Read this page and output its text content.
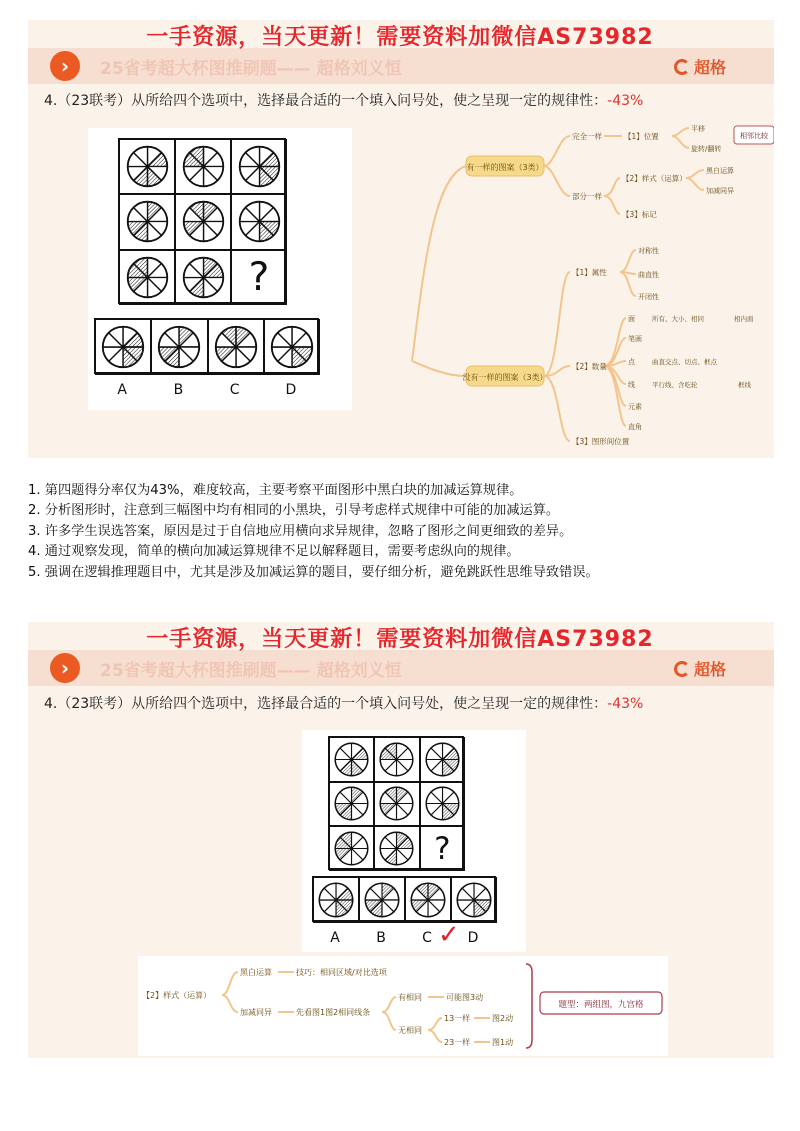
›	25省考超大杯图推刷题—— 超格刘义恒	超格
4.（23联考）从所给四个选项中，选择最合适的一个填入问号处，使之呈现一定的规律性：-43%
?
A	B	C	D
有一样的图案（3类）
完全一样	【1】位置
平移
旋转/翻转
相邻比较
部分一样
【2】样式（运算）
黑白运算
加减同异
【3】标记
没有一样的图案（3类）
【1】属性
对称性
曲直性
开闭性
【2】数量
面	所有、大小、相同	相内面
笔画
点	曲直交点、切点、框点
线	平行线、含吃轮	框线
元素
直角
【3】图形间位置
一手资源，当天更新！需要资料加微信AS73982
1. 第四题得分率仅为43%，难度较高，主要考察平面图形中黑白块的加减运算规律。
2. 分析图形时，注意到三幅图中均有相同的小黑块，引导考虑样式规律中可能的加减运算。
3. 许多学生误选答案，原因是过于自信地应用横向求异规律，忽略了图形之间更细致的差异。
4. 通过观察发现，简单的横向加减运算规律不足以解释题目，需要考虑纵向的规律。
5. 强调在逻辑推理题目中，尤其是涉及加减运算的题目，要仔细分析，避免跳跃性思维导致错误。
›	25省考超大杯图推刷题—— 超格刘义恒	超格
4.（23联考）从所给四个选项中，选择最合适的一个填入问号处，使之呈现一定的规律性：-43%
?
A	B	C	D
✓
【2】样式（运算）
黑白运算	技巧：相同区域/对比选项
加减同异	先看图1图2相同线条
有相同	可能图3动
无相同
13一样	图2动
23一样	图1动
题型：两组图，九宫格
一手资源，当天更新！需要资料加微信AS73982
